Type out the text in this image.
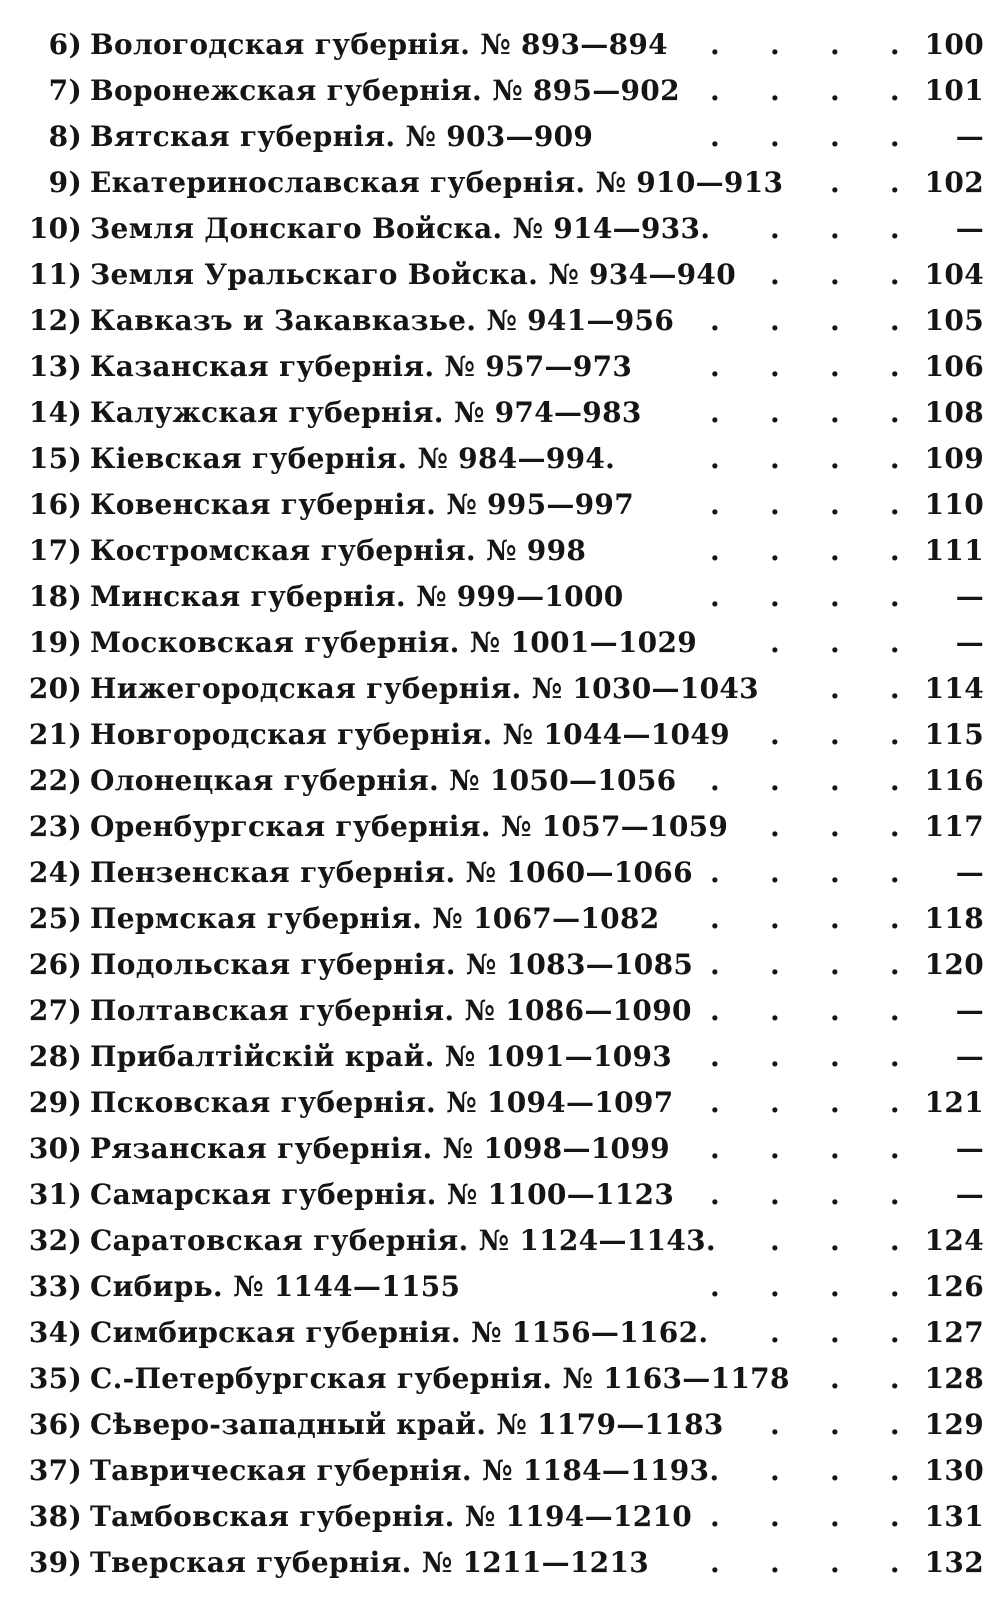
6) Вологодская губернія. № 893—894 . . . . 100
7) Воронежская губернія. № 895—902 . . . . 101
8) Вятская губернія. № 903—909	. . . .	—
9) Екатеринославская губернія. № 910—913 . . 102
10) Земля Донскаго Войска. № 914—933. . . .	—
11) Земля Уральскаго Войска. № 934—940 . . . 104
12) Кавказъ и Закавказье. № 941—956 . . . . 105
13) Казанская губернія. № 957—973	. . . . 106
14) Калужская губернія. № 974—983 . . . . 108
15) Кіевская губернія. № 984—994.	. . . . 109
16) Ковенская губернія. № 995—997	. . . . 110
17) Костромская губернія. № 998	. . . . 111
18) Минская губернія. № 999—1000	. . . .	—
19) Московская губернія. № 1001—1029	. . .	—
20) Нижегородская губернія. № 1030—1043	. . 114
21) Новгородская губернія. № 1044—1049 . . . 115
22) Олонецкая губернія. № 1050—1056 . . . . 116
23) Оренбургская губернія. № 1057—1059 . . . 117
24) Пензенская губернія. № 1060—1066 . . . .	—
25) Пермская губернія. № 1067—1082 . . . . 118
26) Подольская губернія. № 1083—1085 . . . . 120
27) Полтавская губернія. № 1086—1090 . . . .	—
28) Прибалтійскій край. № 1091—1093 . . . .	—
29) Псковская губернія. № 1094—1097 . . . . 121
30) Рязанская губернія. № 1098—1099 . . . .	—
31) Самарская губернія. № 1100—1123 . . . .	—
32) Саратовская губернія. № 1124—1143. . . . 124
33) Сибирь. № 1144—1155	. . . . 126
34) Симбирская губернія. № 1156—1162. . . . 127
35) С.-Петербургская губернія. № 1163—1178 . . 128
36) Сѣверо-западный край. № 1179—1183 . . . 129
37) Таврическая губернія. № 1184—1193. . . . 130
38) Тамбовская губернія. № 1194—1210 . . . . 131
39) Тверская губернія. № 1211—1213 . . . . 132
